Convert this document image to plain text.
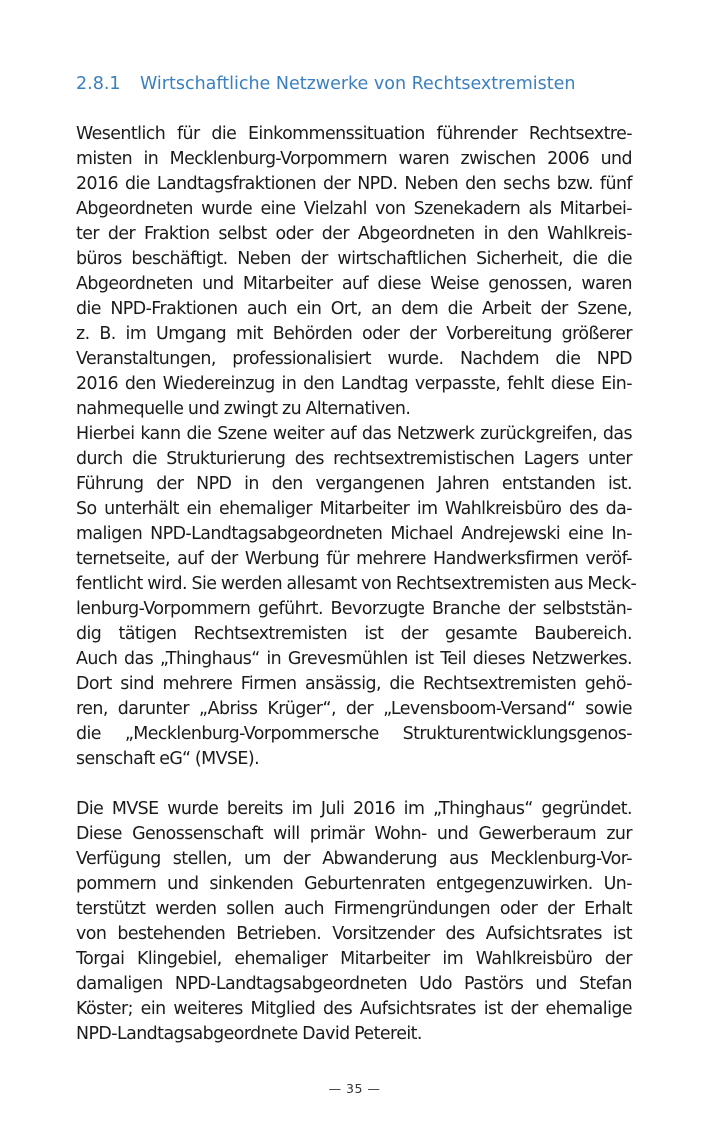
2.8.1 Wirtschaftliche Netzwerke von Rechtsextremisten
Wesentlich für die Einkommenssituation führender Rechtsextre-
misten in Mecklenburg-Vorpommern waren zwischen 2006 und
2016 die Landtagsfraktionen der NPD. Neben den sechs bzw. fünf
Abgeordneten wurde eine Vielzahl von Szenekadern als Mitarbei-
ter der Fraktion selbst oder der Abgeordneten in den Wahlkreis-
büros beschäftigt. Neben der wirtschaftlichen Sicherheit, die die
Abgeordneten und Mitarbeiter auf diese Weise genossen, waren
die NPD-Fraktionen auch ein Ort, an dem die Arbeit der Szene,
z. B. im Umgang mit Behörden oder der Vorbereitung größerer
Veranstaltungen, professionalisiert wurde. Nachdem die NPD
2016 den Wiedereinzug in den Landtag verpasste, fehlt diese Ein-
nahmequelle und zwingt zu Alternativen.
Hierbei kann die Szene weiter auf das Netzwerk zurückgreifen, das
durch die Strukturierung des rechtsextremistischen Lagers unter
Führung der NPD in den vergangenen Jahren entstanden ist.
So unterhält ein ehemaliger Mitarbeiter im Wahlkreisbüro des da-
maligen NPD-Landtagsabgeordneten Michael Andrejewski eine In-
ternetseite, auf der Werbung für mehrere Handwerksfirmen veröf-
fentlicht wird. Sie werden allesamt von Rechtsextremisten aus Meck-
lenburg-Vorpommern geführt. Bevorzugte Branche der selbststän-
dig tätigen Rechtsextremisten ist der gesamte Baubereich.
Auch das „Thinghaus“ in Grevesmühlen ist Teil dieses Netzwerkes.
Dort sind mehrere Firmen ansässig, die Rechtsextremisten gehö-
ren, darunter „Abriss Krüger“, der „Levensboom-Versand“ sowie
die „Mecklenburg-Vorpommersche Strukturentwicklungsgenos-
senschaft eG“ (MVSE).
Die MVSE wurde bereits im Juli 2016 im „Thinghaus“ gegründet.
Diese Genossenschaft will primär Wohn- und Gewerberaum zur
Verfügung stellen, um der Abwanderung aus Mecklenburg-Vor-
pommern und sinkenden Geburtenraten entgegenzuwirken. Un-
terstützt werden sollen auch Firmengründungen oder der Erhalt
von bestehenden Betrieben. Vorsitzender des Aufsichtsrates ist
Torgai Klingebiel, ehemaliger Mitarbeiter im Wahlkreisbüro der
damaligen NPD-Landtagsabgeordneten Udo Pastörs und Stefan
Köster; ein weiteres Mitglied des Aufsichtsrates ist der ehemalige
NPD-Landtagsabgeordnete David Petereit.
— 35 —
